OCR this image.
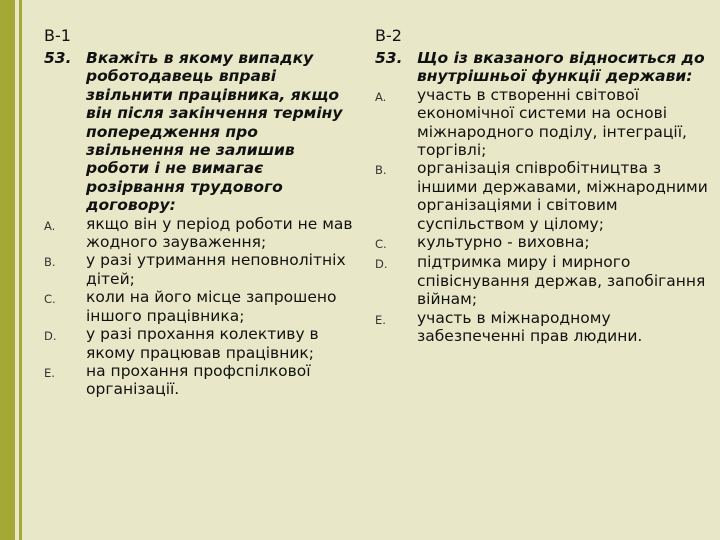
В-1
53. Вкажіть в якому випадку роботодавець вправі звільнити працівника, якщо він після закінчення терміну попередження про звільнення не залишив роботи і не вимагає розірвання трудового договору:
A.	якщо він у період роботи не мав жодного зауваження;
B.	у разі утримання неповнолітніх дітей;
C.	коли на його місце запрошено іншого працівника;
D.	у разі прохання колективу в якому працював працівник;
E.	на прохання профспілкової організації.
В-2
53. Що із вказаного відноситься до внутрішньої функції держави:
A.	участь в створенні світової економічної системи на основі міжнародного поділу, інтеграції, торгівлі;
B.	організація співробітництва з іншими державами, міжнародними організаціями і світовим суспільством у цілому;
C.	культурно - виховна;
D.	підтримка миру і мирного співіснування держав, запобігання війнам;
E.	участь в міжнародному забезпеченні прав людини.
